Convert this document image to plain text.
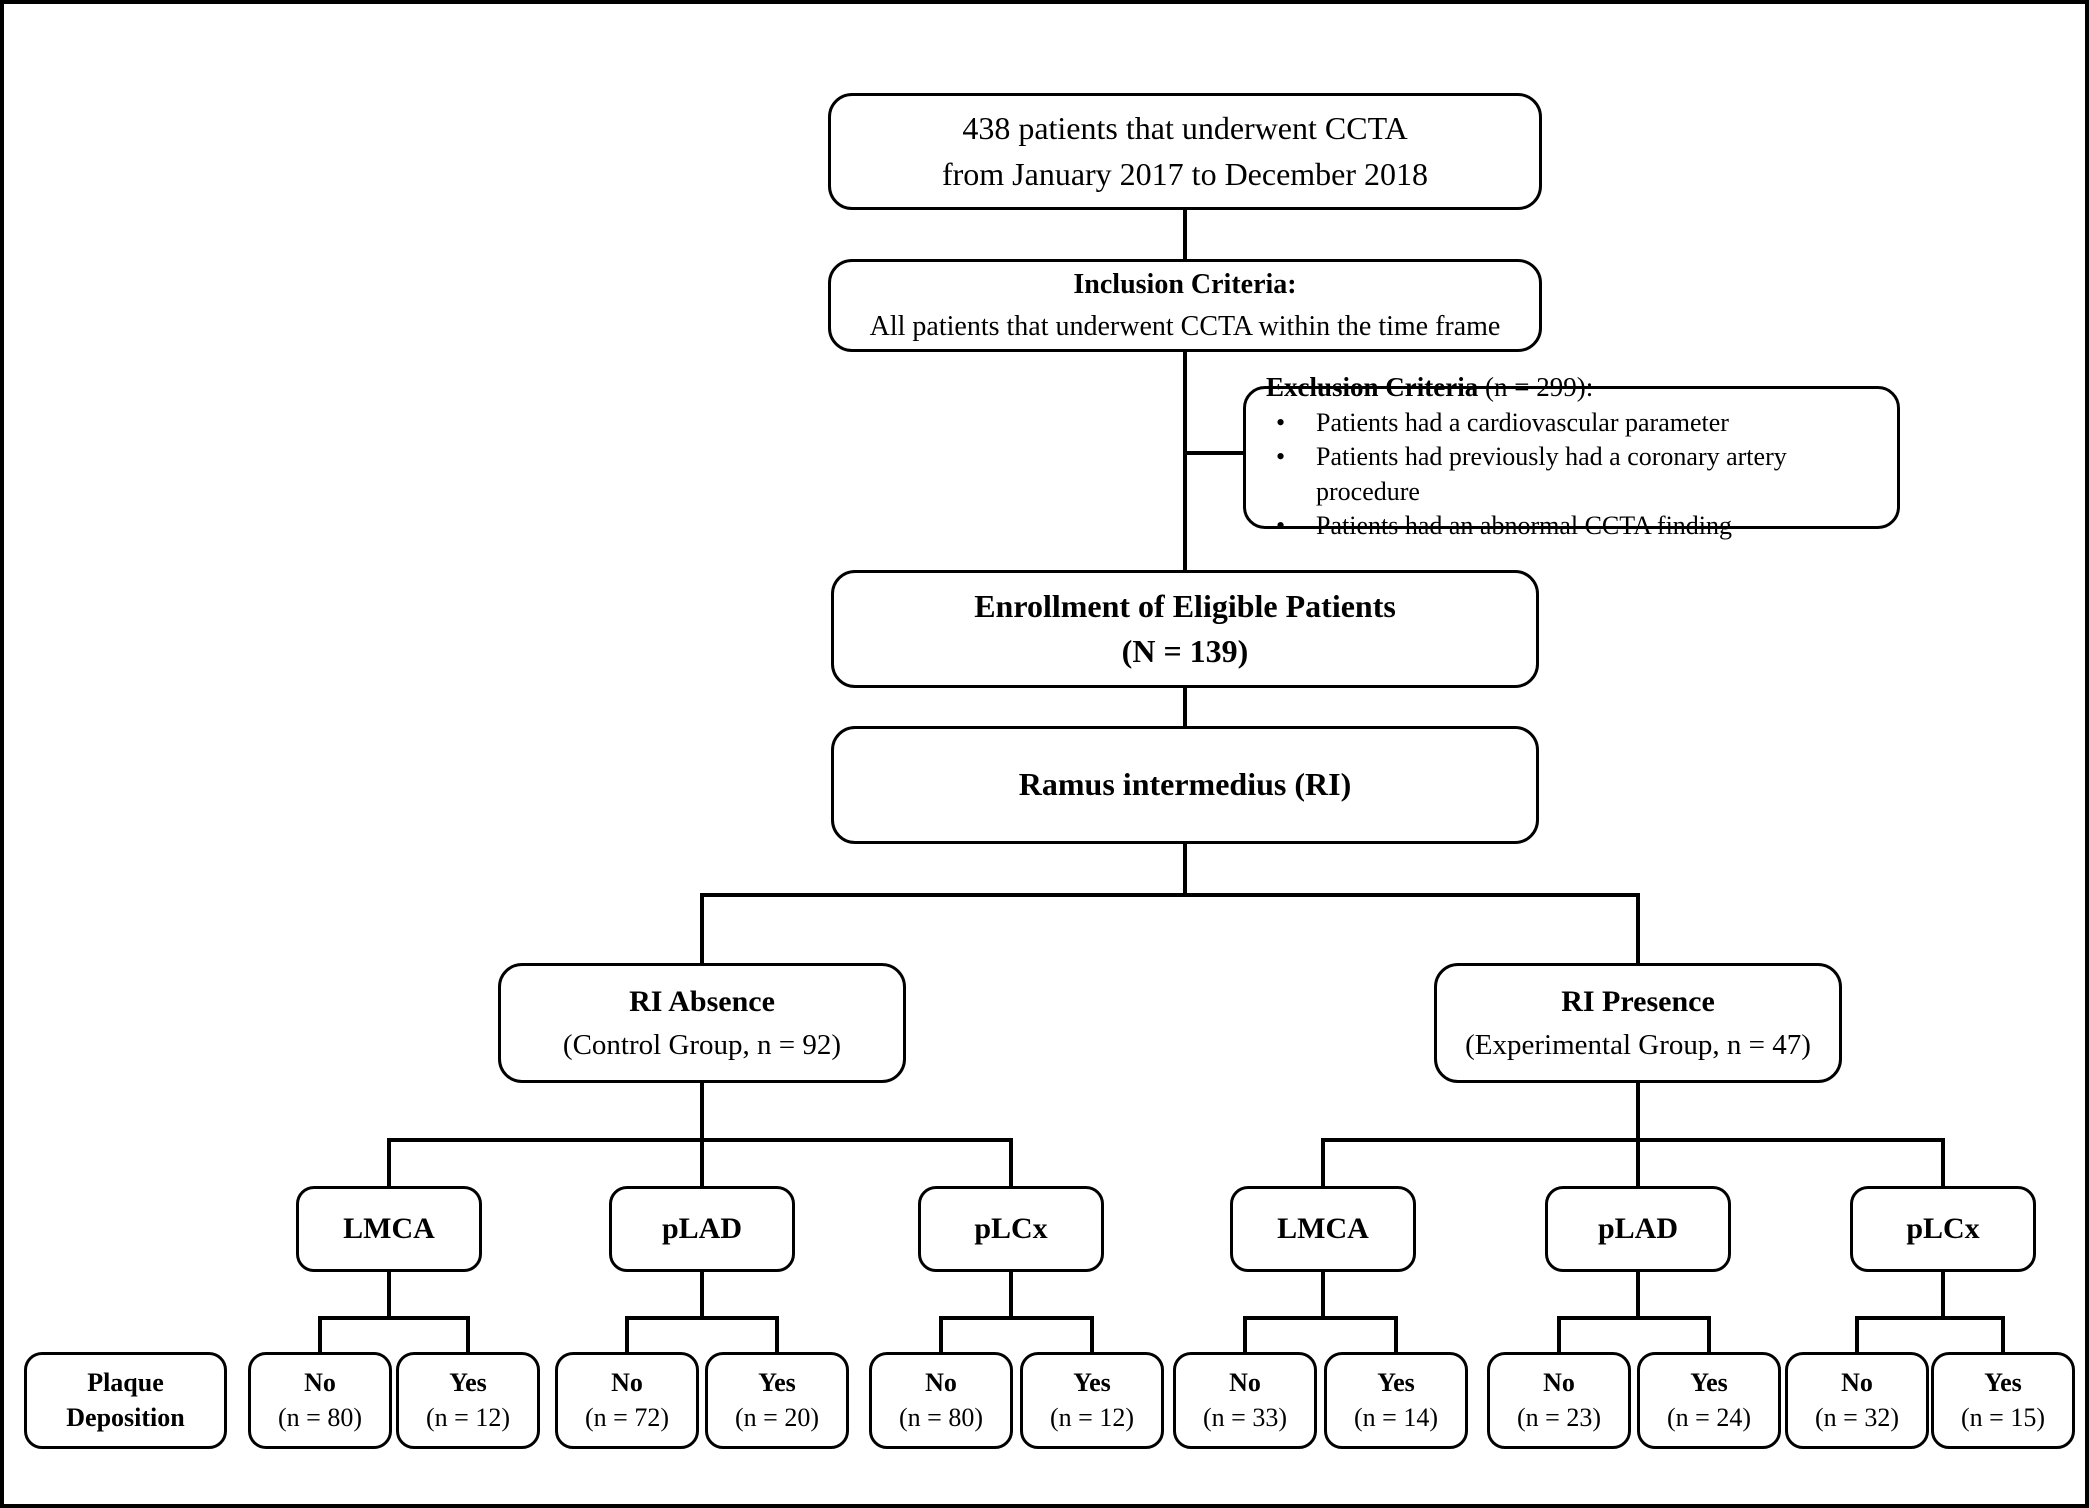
438 patients that underwent CCTA
from January 2017 to December 2018
Inclusion Criteria:
All patients that underwent CCTA within the time frame
Exclusion Criteria (n = 299):
•	Patients had a cardiovascular parameter
•	Patients had previously had a coronary artery procedure
•	Patients had an abnormal CCTA finding
Enrollment of Eligible Patients
(N = 139)
Ramus intermedius (RI)
RI Absence
(Control Group, n = 92)
RI Presence
(Experimental Group, n = 47)
LMCA	pLAD	pLCx	LMCA	pLAD	pLCx
Plaque
Deposition
No
(n = 80)
Yes
(n = 12)
No
(n = 72)
Yes
(n = 20)
No
(n = 80)
Yes
(n = 12)
No
(n = 33)
Yes
(n = 14)
No
(n = 23)
Yes
(n = 24)
No
(n = 32)
Yes
(n = 15)
